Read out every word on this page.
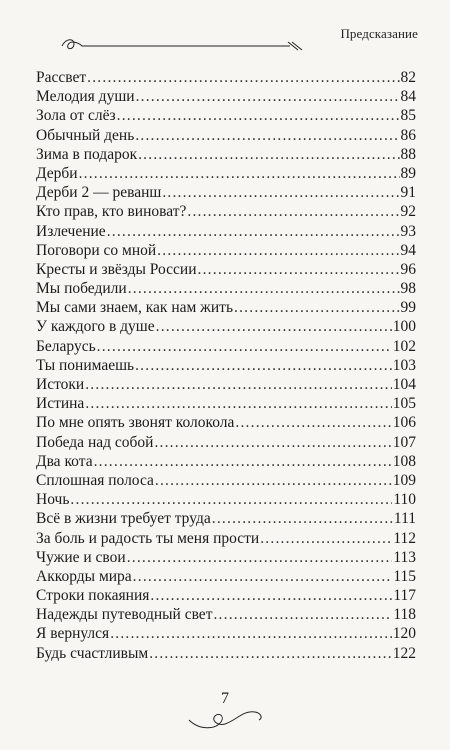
Предсказание
Рассвет .....	82
Мелодия души .....	84
Зола от слёз .....	85
Обычный день .....	86
Зима в подарок .....	88
Дерби .....	89
Дерби 2 — реванш .....	91
Кто прав, кто виноват? .....	92
Излечение .....	93
Поговори со мной .....	94
Кресты и звёзды России .....	96
Мы победили .....	98
Мы сами знаем, как нам жить .....	99
У каждого в душе .....	100
Беларусь .....	102
Ты понимаешь .....	103
Истоки .....	104
Истина .....	105
По мне опять звонят колокола .....	106
Победа над собой .....	107
Два кота .....	108
Сплошная полоса .....	109
Ночь .....	110
Всё в жизни требует труда .....	111
За боль и радость ты меня прости .....	112
Чужие и свои .....	113
Аккорды мира .....	115
Строки покаяния .....	117
Надежды путеводный свет .....	118
Я вернулся .....	120
Будь счастливым .....	122
7
